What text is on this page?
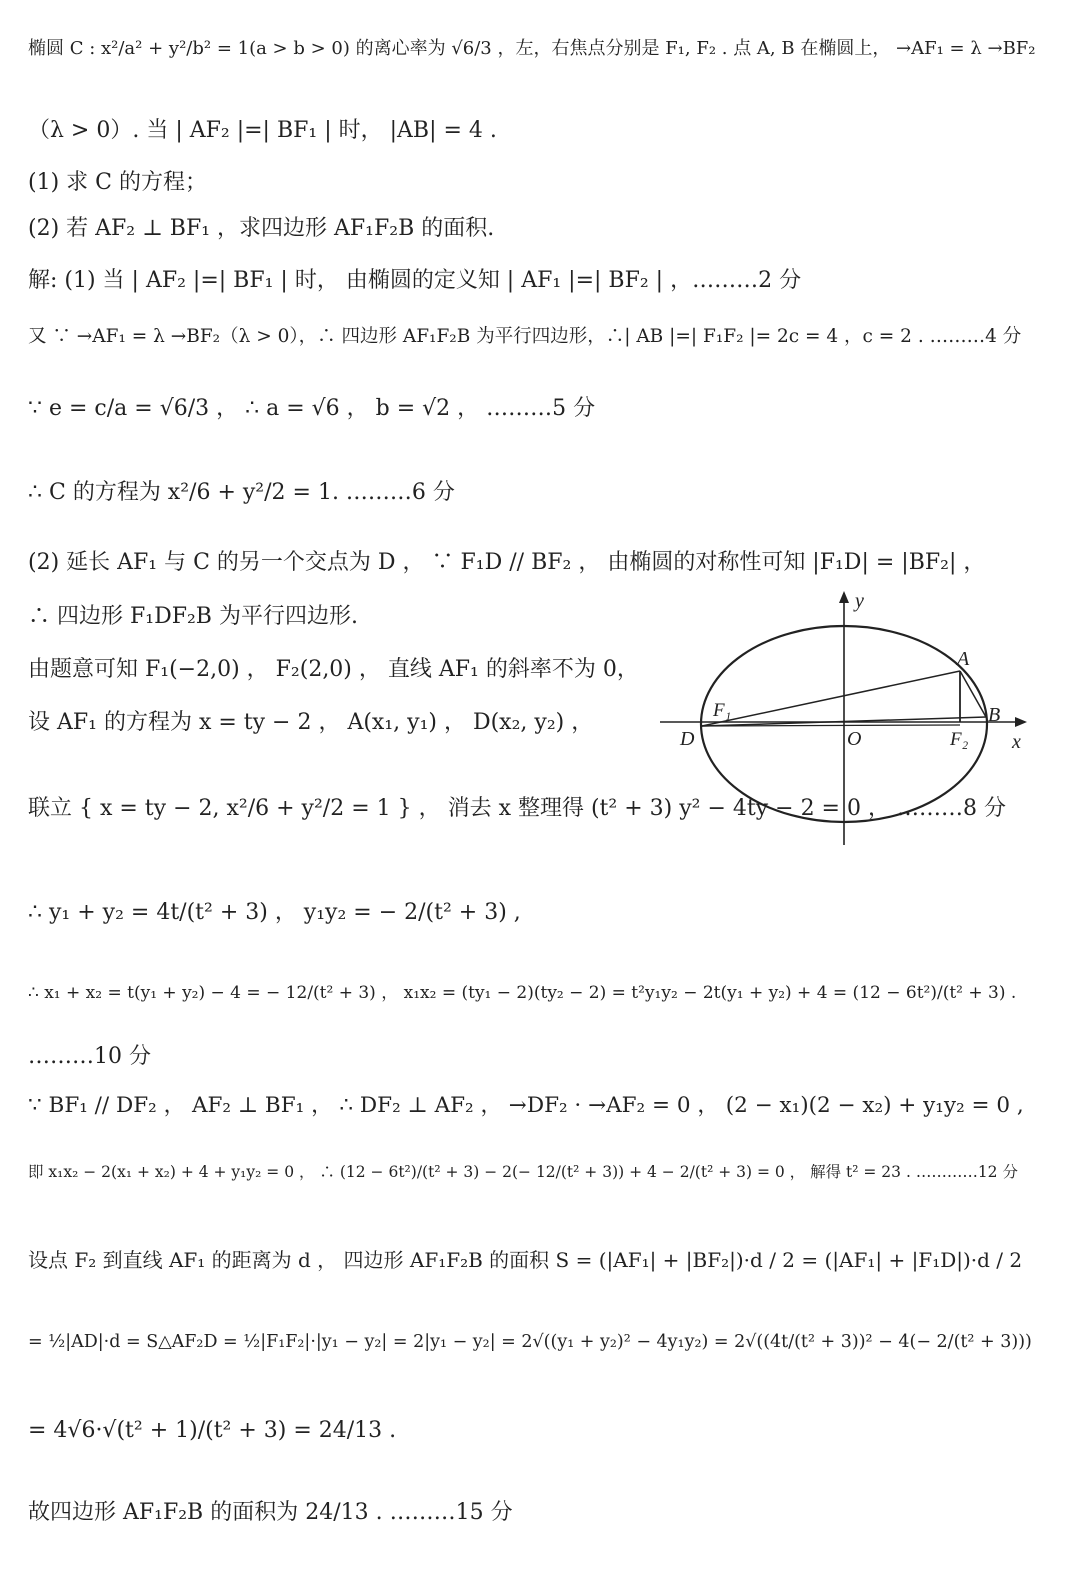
椭圆 C : x²/a² + y²/b² = 1(a > b > 0) 的离心率为 √6/3 ，左，右焦点分别是 F₁, F₂ . 点 A, B 在椭圆上， →AF₁ = λ →BF₂
（λ > 0）. 当 | AF₂ |=| BF₁ | 时， |AB| = 4 .
(1) 求 C 的方程；
(2) 若 AF₂ ⊥ BF₁ ，求四边形 AF₁F₂B 的面积.
解: (1) 当 | AF₂ |=| BF₁ | 时， 由椭圆的定义知 | AF₁ |=| BF₂ | ，………2 分
又 ∵ →AF₁ = λ →BF₂（λ > 0），∴ 四边形 AF₁F₂B 为平行四边形，∴| AB |=| F₁F₂ |= 2c = 4 ，c = 2 . ………4 分
∵ e = c/a = √6/3 ， ∴ a = √6 ， b = √2 ， ………5 分
∴ C 的方程为 x²/6 + y²/2 = 1. ………6 分
(2) 延长 AF₁ 与 C 的另一个交点为 D ， ∵ F₁D // BF₂ ， 由椭圆的对称性可知 |F₁D| = |BF₂| ，
∴ 四边形 F₁DF₂B 为平行四边形.
由题意可知 F₁(−2,0) ， F₂(2,0) ， 直线 AF₁ 的斜率不为 0，
设 AF₁ 的方程为 x = ty − 2 ， A(x₁, y₁) ， D(x₂, y₂) ，
联立 { x = ty − 2, x²/6 + y²/2 = 1 } ， 消去 x 整理得 (t² + 3) y² − 4ty − 2 = 0 ， ………8 分
∴ y₁ + y₂ = 4t/(t² + 3) ， y₁y₂ = − 2/(t² + 3) ,
∴ x₁ + x₂ = t(y₁ + y₂) − 4 = − 12/(t² + 3) ， x₁x₂ = (ty₁ − 2)(ty₂ − 2) = t²y₁y₂ − 2t(y₁ + y₂) + 4 = (12 − 6t²)/(t² + 3) .
………10 分
∵ BF₁ // DF₂ ， AF₂ ⊥ BF₁ ， ∴ DF₂ ⊥ AF₂ ， →DF₂ · →AF₂ = 0 ， (2 − x₁)(2 − x₂) + y₁y₂ = 0 ,
即 x₁x₂ − 2(x₁ + x₂) + 4 + y₁y₂ = 0 ， ∴ (12 − 6t²)/(t² + 3) − 2(− 12/(t² + 3)) + 4 − 2/(t² + 3) = 0 ， 解得 t² = 23 . …………12 分
设点 F₂ 到直线 AF₁ 的距离为 d ， 四边形 AF₁F₂B 的面积 S = (|AF₁| + |BF₂|)·d / 2 = (|AF₁| + |F₁D|)·d / 2
= ½|AD|·d = S△AF₂D = ½|F₁F₂|·|y₁ − y₂| = 2|y₁ − y₂| = 2√((y₁ + y₂)² − 4y₁y₂) = 2√((4t/(t² + 3))² − 4(− 2/(t² + 3)))
= 4√6·√(t² + 1)/(t² + 3) = 24/13 .
故四边形 AF₁F₂B 的面积为 24/13 . ………15 分
y
x
O
A
B
D
F₁
F₂
